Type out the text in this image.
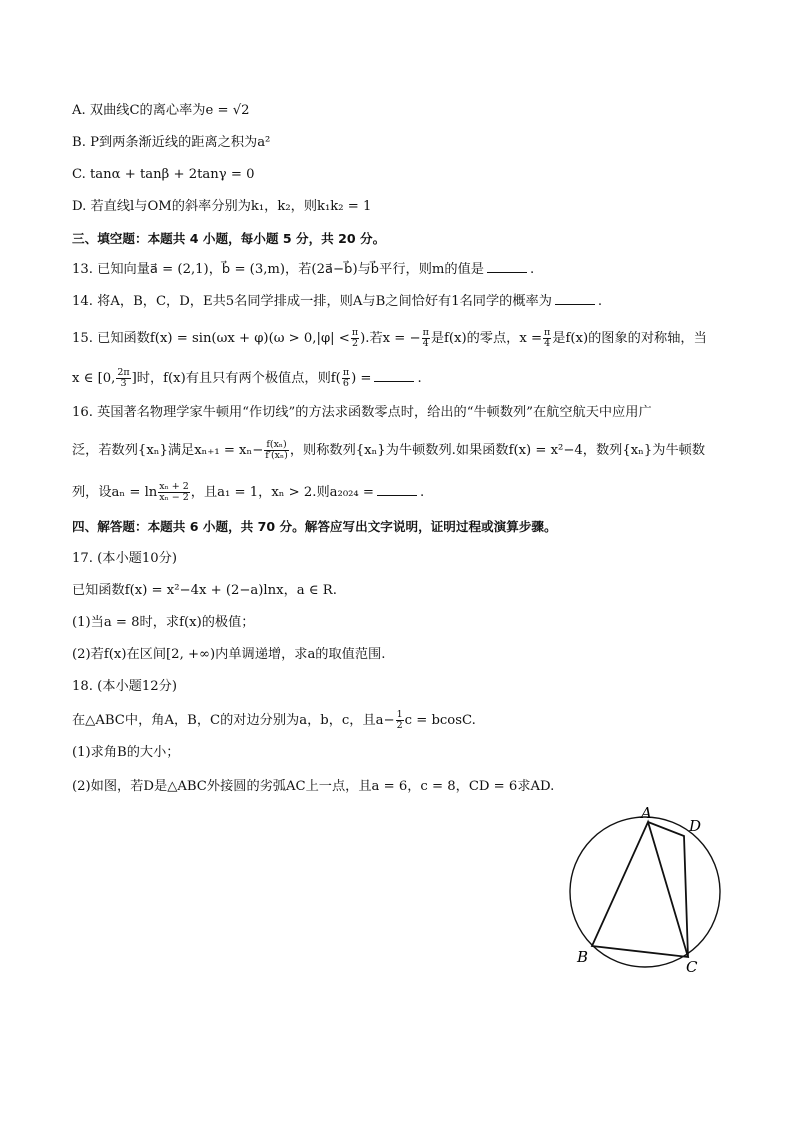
A. 双曲线C的离心率为e = √2
B. P到两条渐近线的距离之积为a²
C. tanα + tanβ + 2tanγ = 0
D. 若直线l与OM的斜率分别为k₁，k₂，则k₁k₂ = 1
三、填空题：本题共 4 小题，每小题 5 分，共 20 分。
13. 已知向量a⃗ = (2,1)，b⃗ = (3,m)，若(2a⃗−b⃗)与b⃗平行，则m的值是	.
14. 将A，B，C，D，E共5名同学排成一排，则A与B之间恰好有1名同学的概率为	.
15. 已知函数$f(x) = \sin(\omega x + \varphi)(\omega > 0,|\varphi| < \frac{\pi}{2}$ ).若x = − $\frac{\pi}{4}$ 是f(x)的零点，$x = \frac{\pi}{4}$ 是f(x)的图象的对称轴，当
x ∈ [0, $\frac{2\pi}{3}$ ]时，f(x)有且只有两个极值点，则$f( \frac{\pi}{6}$ ) =	.
16. 英国著名物理学家牛顿用“作切线”的方法求函数零点时，给出的“牛顿数列”在航空航天中应用广
泛，若数列{xₙ}满足$x_{n+1} = x_n- \frac{\text{f(xₙ)}}{\text{f′(xₙ)}}$ ，则称数列{xₙ}为牛顿数列.如果函数f(x) = x²−4，数列{xₙ}为牛顿数
列，设$a_n = \ln \frac{\text{xₙ + 2}}{\text{xₙ − 2}}$ ，且a₁ = 1，xₙ > 2.则a₂₀₂₄ =	.
四、解答题：本题共 6 小题，共 70 分。解答应写出文字说明，证明过程或演算步骤。
17. (本小题10分)
已知函数f(x) = x²−4x + (2−a)lnx，a ∈ R.
(1)当a = 8时，求f(x)的极值；
(2)若f(x)在区间[2, +∞)内单调递增，求a的取值范围.
18. (本小题12分)
在△ABC中，角A，B，C的对边分别为a，b，c，且$a- \frac{1}{2}$ c = bcosC.
(1)求角B的大小；
(2)如图，若D是△ABC外接圆的劣弧AC上一点，且a = 6，c = 8，CD = 6求AD.
A
B
C
D
